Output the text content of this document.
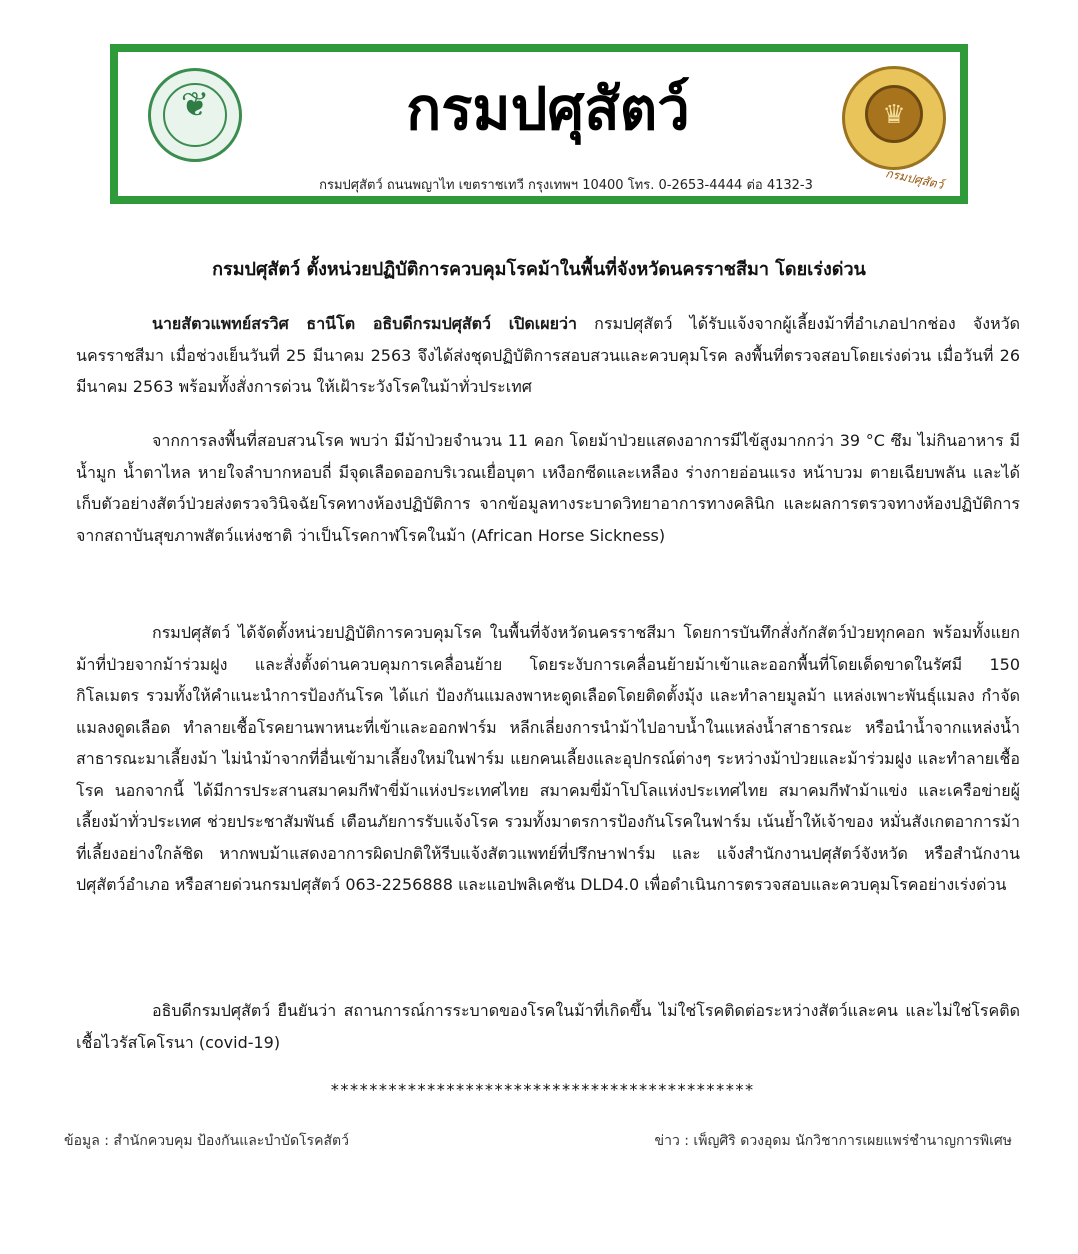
❦	กรมปศุสัตว์
กรมปศุสัตว์ ถนนพญาไท เขตราชเทวี กรุงเทพฯ 10400 โทร. 0-2653-4444 ต่อ 4132-3
♛
กรมปศุสัตว์
กรมปศุสัตว์ ตั้งหน่วยปฏิบัติการควบคุมโรคม้าในพื้นที่จังหวัดนครราชสีมา โดยเร่งด่วน

นายสัตวแพทย์สรวิศ ธานีโต อธิบดีกรมปศุสัตว์ เปิดเผยว่า กรมปศุสัตว์ ได้รับแจ้งจากผู้เลี้ยงม้าที่อำเภอปากช่อง จังหวัดนครราชสีมา เมื่อช่วงเย็นวันที่ 25 มีนาคม 2563 จึงได้ส่งชุดปฏิบัติการสอบสวนและควบคุมโรค ลงพื้นที่ตรวจสอบโดยเร่งด่วน เมื่อวันที่ 26 มีนาคม 2563 พร้อมทั้งสั่งการด่วน ให้เฝ้าระวังโรคในม้าทั่วประเทศ

จากการลงพื้นที่สอบสวนโรค พบว่า มีม้าป่วยจำนวน 11 คอก โดยม้าป่วยแสดงอาการมีไข้สูงมากกว่า 39 °C ซึม ไม่กินอาหาร มีน้ำมูก น้ำตาไหล หายใจลำบากหอบถี่ มีจุดเลือดออกบริเวณเยื่อบุตา เหงือกซีดและเหลือง ร่างกายอ่อนแรง หน้าบวม ตายเฉียบพลัน และได้เก็บตัวอย่างสัตว์ป่วยส่งตรวจวินิจฉัยโรคทางห้องปฏิบัติการ จากข้อมูลทางระบาดวิทยาอาการทางคลินิก และผลการตรวจทางห้องปฏิบัติการ จากสถาบันสุขภาพสัตว์แห่งชาติ ว่าเป็นโรคกาฬโรคในม้า (African Horse Sickness)

กรมปศุสัตว์ ได้จัดตั้งหน่วยปฏิบัติการควบคุมโรค ในพื้นที่จังหวัดนครราชสีมา โดยการบันทึกสั่งกักสัตว์ป่วยทุกคอก พร้อมทั้งแยกม้าที่ป่วยจากม้าร่วมฝูง และสั่งตั้งด่านควบคุมการเคลื่อนย้าย โดยระงับการเคลื่อนย้ายม้าเข้าและออกพื้นที่โดยเด็ดขาดในรัศมี 150 กิโลเมตร รวมทั้งให้คำแนะนำการป้องกันโรค ได้แก่ ป้องกันแมลงพาหะดูดเลือดโดยติดตั้งมุ้ง และทำลายมูลม้า แหล่งเพาะพันธุ์แมลง กำจัดแมลงดูดเลือด ทำลายเชื้อโรคยานพาหนะที่เข้าและออกฟาร์ม หลีกเลี่ยงการนำม้าไปอาบน้ำในแหล่งน้ำสาธารณะ หรือนำน้ำจากแหล่งน้ำสาธารณะมาเลี้ยงม้า ไม่นำม้าจากที่อื่นเข้ามาเลี้ยงใหม่ในฟาร์ม แยกคนเลี้ยงและอุปกรณ์ต่างๆ ระหว่างม้าป่วยและม้าร่วมฝูง และทำลายเชื้อโรค นอกจากนี้ ได้มีการประสานสมาคมกีฬาขี่ม้าแห่งประเทศไทย สมาคมขี่ม้าโปโลแห่งประเทศไทย สมาคมกีฬาม้าแข่ง และเครือข่ายผู้เลี้ยงม้าทั่วประเทศ ช่วยประชาสัมพันธ์ เตือนภัยการรับแจ้งโรค รวมทั้งมาตรการป้องกันโรคในฟาร์ม เน้นย้ำให้เจ้าของ หมั่นสังเกตอาการม้าที่เลี้ยงอย่างใกล้ชิด หากพบม้าแสดงอาการผิดปกติให้รีบแจ้งสัตวแพทย์ที่ปรึกษาฟาร์ม และ แจ้งสำนักงานปศุสัตว์จังหวัด หรือสำนักงานปศุสัตว์อำเภอ หรือสายด่วนกรมปศุสัตว์ 063-2256888 และแอปพลิเคชัน DLD4.0 เพื่อดำเนินการตรวจสอบและควบคุมโรคอย่างเร่งด่วน

อธิบดีกรมปศุสัตว์ ยืนยันว่า สถานการณ์การระบาดของโรคในม้าที่เกิดขึ้น ไม่ใช่โรคติดต่อระหว่างสัตว์และคน และไม่ใช่โรคติดเชื้อไวรัสโคโรนา (covid-19)

********************************************
ข้อมูล : สำนักควบคุม ป้องกันและบำบัดโรคสัตว์	ข่าว : เพ็ญศิริ ดวงอุดม นักวิชาการเผยแพร่ชำนาญการพิเศษ
